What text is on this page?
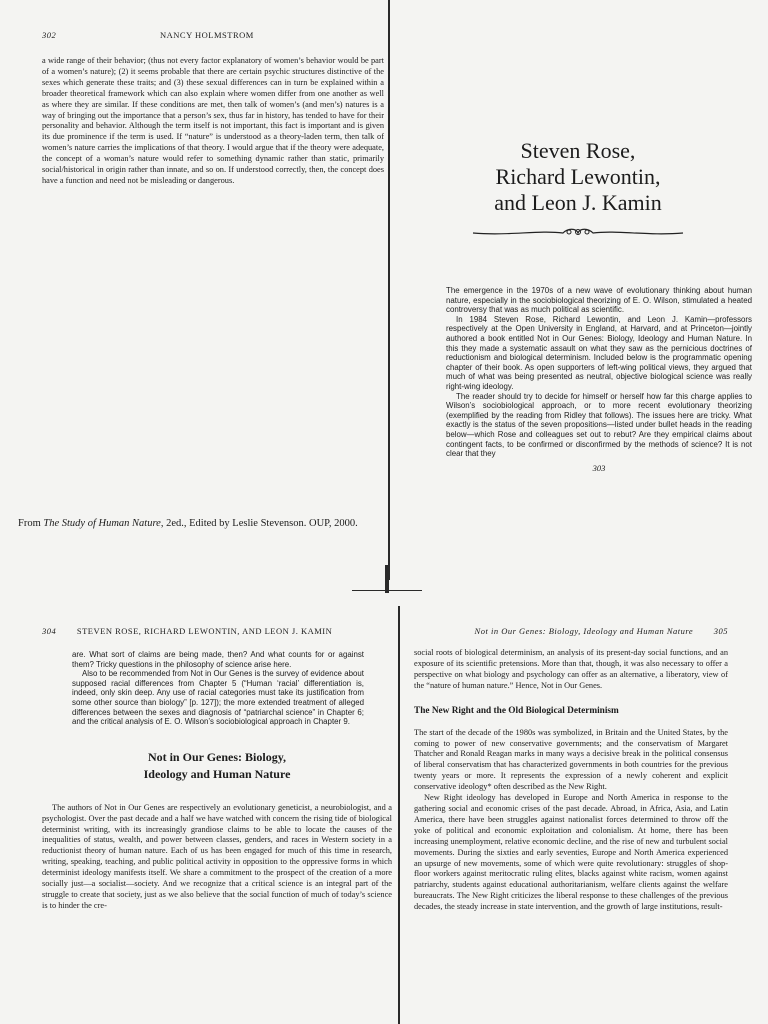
302	NANCY HOLMSTROM

a wide range of their behavior; (thus not every factor explanatory of women’s behavior would be part of a women’s nature); (2) it seems probable that there are certain psychic structures distinctive of the sexes which generate these traits; and (3) these sexual differences can in turn be explained within a broader theoretical framework which can also explain where women differ from one another as well as where they are similar. If these conditions are met, then talk of women’s (and men’s) natures is a way of bringing out the importance that a person’s sex, thus far in history, has tended to have for their personality and behavior. Although the term itself is not important, this fact is important and is given its due prominence if the term is used. If “nature” is understood as a theory-laden term, then talk of women’s nature carries the implications of that theory. I would argue that if the theory were adequate, the concept of a woman’s nature would refer to something dynamic rather than static, primarily social/historical in origin rather than innate, and so on. If understood correctly, then, the concept does have a function and need not be misleading or dangerous.

From The Study of Human Nature, 2ed., Edited by Leslie Stevenson. OUP, 2000.

Steven Rose,

Richard Lewontin,

and Leon J. Kamin

The emergence in the 1970s of a new wave of evolutionary thinking about human nature, especially in the sociobiological theorizing of E. O. Wilson, stimulated a heated controversy that was as much political as scientific.

In 1984 Steven Rose, Richard Lewontin, and Leon J. Kamin—professors respectively at the Open University in England, at Harvard, and at Princeton—jointly authored a book entitled Not in Our Genes: Biology, Ideology and Human Nature. In this they made a systematic assault on what they saw as the pernicious doctrines of reductionism and biological determinism. Included below is the programmatic opening chapter of their book. As open supporters of left-wing political views, they argued that much of what was being presented as neutral, objective biological science was really right-wing ideology.

The reader should try to decide for himself or herself how far this charge applies to Wilson’s sociobiological approach, or to more recent evolutionary theorizing (exemplified by the reading from Ridley that follows). The issues here are tricky. What exactly is the status of the seven propositions—listed under bullet heads in the reading below—which Rose and colleagues set out to rebut? Are they empirical claims about contingent facts, to be confirmed or disconfirmed by the methods of science? It is not clear that they

303
304 STEVEN ROSE, RICHARD LEWONTIN, AND LEON J. KAMIN

are. What sort of claims are being made, then? And what counts for or against them? Tricky questions in the philosophy of science arise here.

Also to be recommended from Not in Our Genes is the survey of evidence about supposed racial differences from Chapter 5 (“Human ‘racial’ differentiation is, indeed, only skin deep. Any use of racial categories must take its justification from some other source than biology” [p. 127]); the more extended treatment of alleged differences between the sexes and diagnosis of “patriarchal science” in Chapter 6; and the critical analysis of E. O. Wilson’s sociobiological approach in Chapter 9.

Not in Our Genes: Biology,

Ideology and Human Nature

The authors of Not in Our Genes are respectively an evolutionary geneticist, a neurobiologist, and a psychologist. Over the past decade and a half we have watched with concern the rising tide of biological determinist writing, with its increasingly grandiose claims to be able to locate the causes of the inequalities of status, wealth, and power between classes, genders, and races in Western society in a reductionist theory of human nature. Each of us has been engaged for much of this time in research, writing, speaking, teaching, and public political activity in opposition to the oppressive forms in which determinist ideology manifests itself. We share a commitment to the prospect of the creation of a more socially just—a socialist—society. And we recognize that a critical science is an integral part of the struggle to create that society, just as we also believe that the social function of much of today’s science is to hinder the cre-

Not in Our Genes: Biology, Ideology and Human Nature 305

social roots of biological determinism, an analysis of its present-day social functions, and an exposure of its scientific pretensions. More than that, though, it was also necessary to offer a perspective on what biology and psychology can offer as an alternative, a liberatory, view of the “nature of human nature.” Hence, Not in Our Genes.

The New Right and the Old Biological Determinism

The start of the decade of the 1980s was symbolized, in Britain and the United States, by the coming to power of new conservative governments; and the conservatism of Margaret Thatcher and Ronald Reagan marks in many ways a decisive break in the political consensus of liberal conservatism that has characterized governments in both countries for the previous twenty years or more. It represents the expression of a newly coherent and explicit conservative ideology* often described as the New Right.

New Right ideology has developed in Europe and North America in response to the gathering social and economic crises of the past decade. Abroad, in Africa, Asia, and Latin America, there have been struggles against nationalist forces determined to throw off the yoke of political and economic exploitation and colonialism. At home, there has been increasing unemployment, relative economic decline, and the rise of new and turbulent social movements. During the sixties and early seventies, Europe and North America experienced an upsurge of new movements, some of which were quite revolutionary: struggles of shop-floor workers against meritocratic ruling elites, blacks against white racism, women against patriarchy, students against educational authoritarianism, welfare clients against the welfare bureaucrats. The New Right criticizes the liberal response to these challenges of the previous decades, the steady increase in state intervention, and the growth of large institutions, result-
